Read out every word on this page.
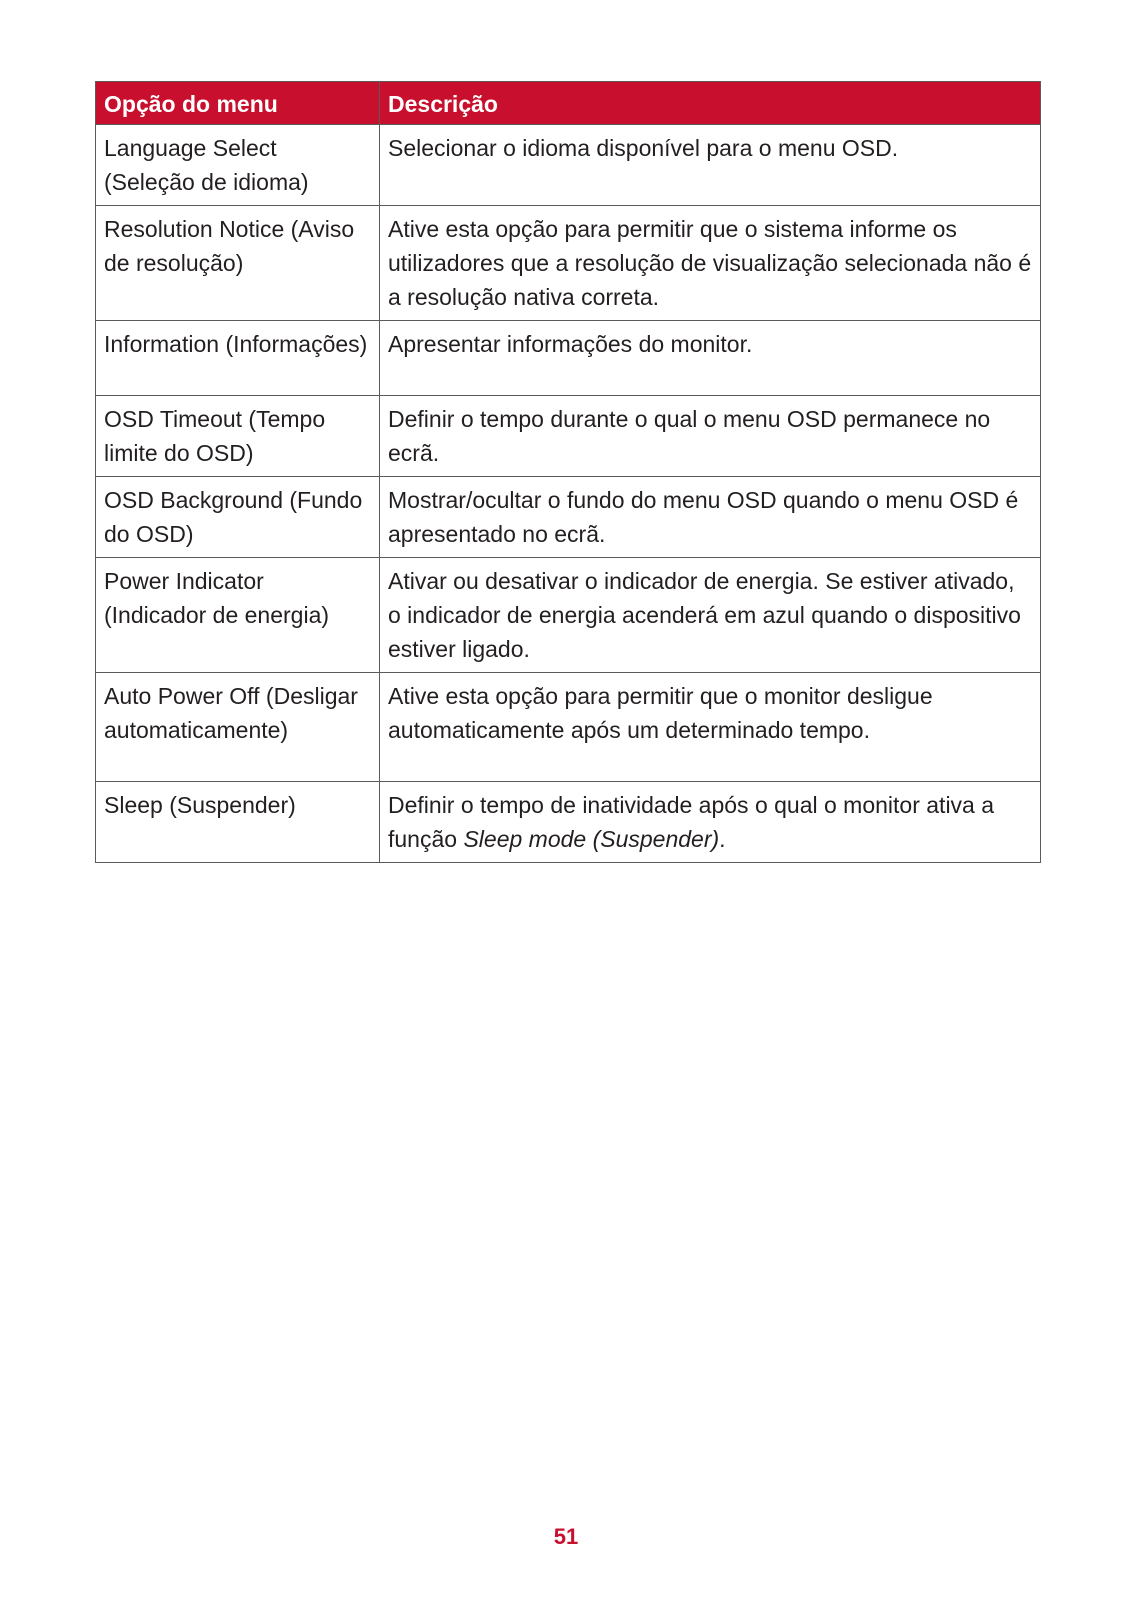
Opção do menu	Descrição
Language Select (Seleção de idioma)	Selecionar o idioma disponível para o menu OSD.
Resolution Notice (Aviso de resolução)	Ative esta opção para permitir que o sistema informe os utilizadores que a resolução de visualização selecionada não é a resolução nativa correta.
Information (Informações)	Apresentar informações do monitor.
OSD Timeout (Tempo limite do OSD)	Definir o tempo durante o qual o menu OSD permanece no ecrã.
OSD Background (Fundo do OSD)	Mostrar/ocultar o fundo do menu OSD quando o menu OSD é apresentado no ecrã.
Power Indicator (Indicador de energia)	Ativar ou desativar o indicador de energia. Se estiver ativado, o indicador de energia acenderá em azul quando o dispositivo estiver ligado.
Auto Power Off (Desligar automaticamente)	Ative esta opção para permitir que o monitor desligue automaticamente após um determinado tempo.
Sleep (Suspender)	Definir o tempo de inatividade após o qual o monitor ativa a função Sleep mode (Suspender).
51
